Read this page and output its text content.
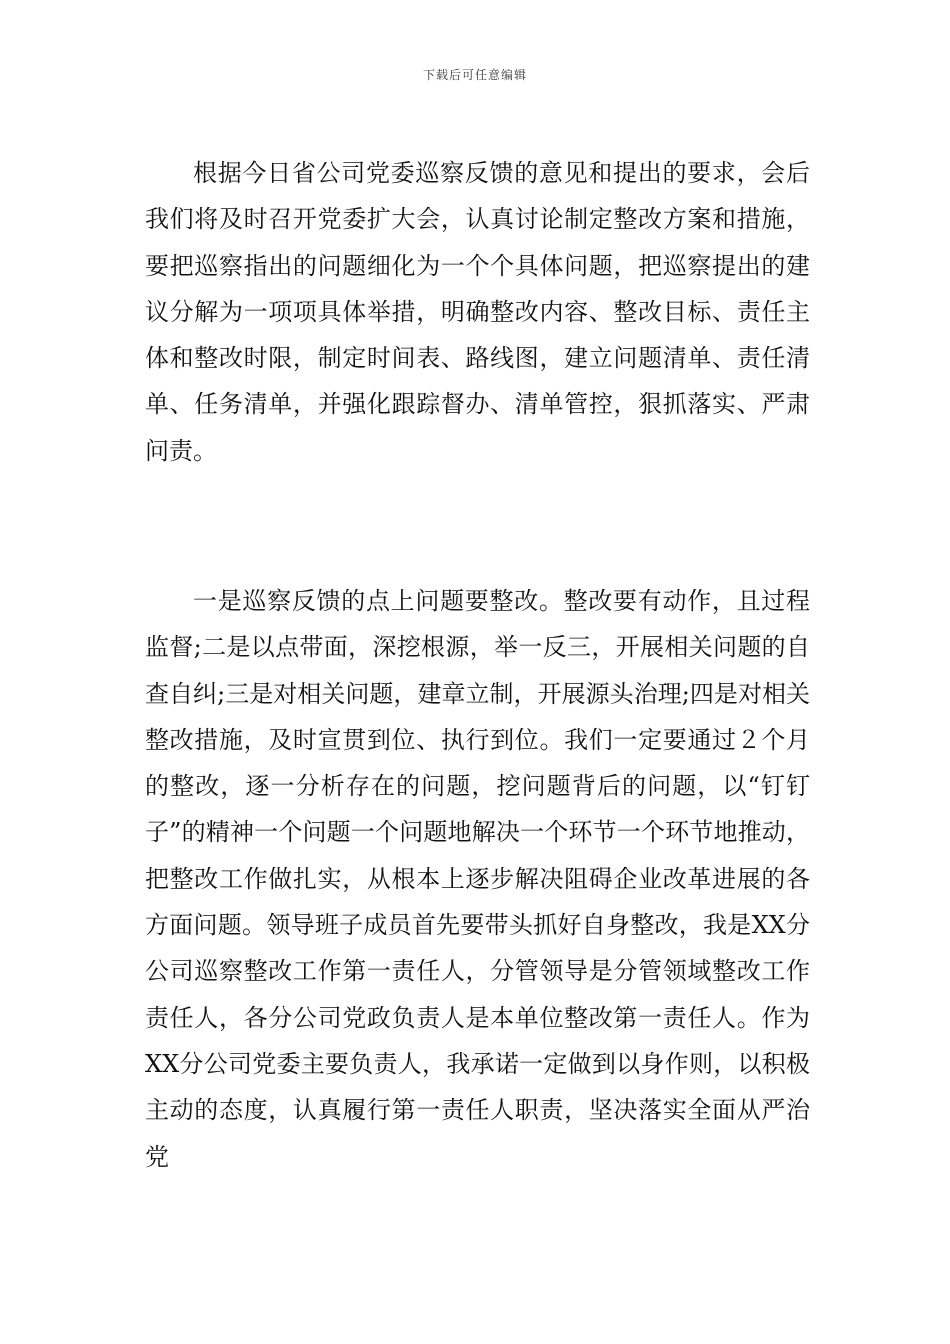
下载后可任意编辑

根据今日省公司党委巡察反馈的意见和提出的要求，会后我们将及时召开党委扩大会，认真讨论制定整改方案和措施，要把巡察指出的问题细化为一个个具体问题，把巡察提出的建议分解为一项项具体举措，明确整改内容、整改目标、责任主体和整改时限，制定时间表、路线图，建立问题清单、责任清单、任务清单，并强化跟踪督办、清单管控，狠抓落实、严肃问责。

一是巡察反馈的点上问题要整改。整改要有动作，且过程监督;二是以点带面，深挖根源，举一反三，开展相关问题的自查自纠;三是对相关问题，建章立制，开展源头治理;四是对相关整改措施，及时宣贯到位、执行到位。我们一定要通过２个月的整改，逐一分析存在的问题，挖问题背后的问题，以“钉钉子”的精神一个问题一个问题地解决一个环节一个环节地推动，把整改工作做扎实，从根本上逐步解决阻碍企业改革进展的各方面问题。领导班子成员首先要带头抓好自身整改，我是XX分公司巡察整改工作第一责任人，分管领导是分管领域整改工作责任人，各分公司党政负责人是本单位整改第一责任人。作为XX分公司党委主要负责人，我承诺一定做到以身作则，以积极主动的态度，认真履行第一责任人职责，坚决落实全面从严治党
